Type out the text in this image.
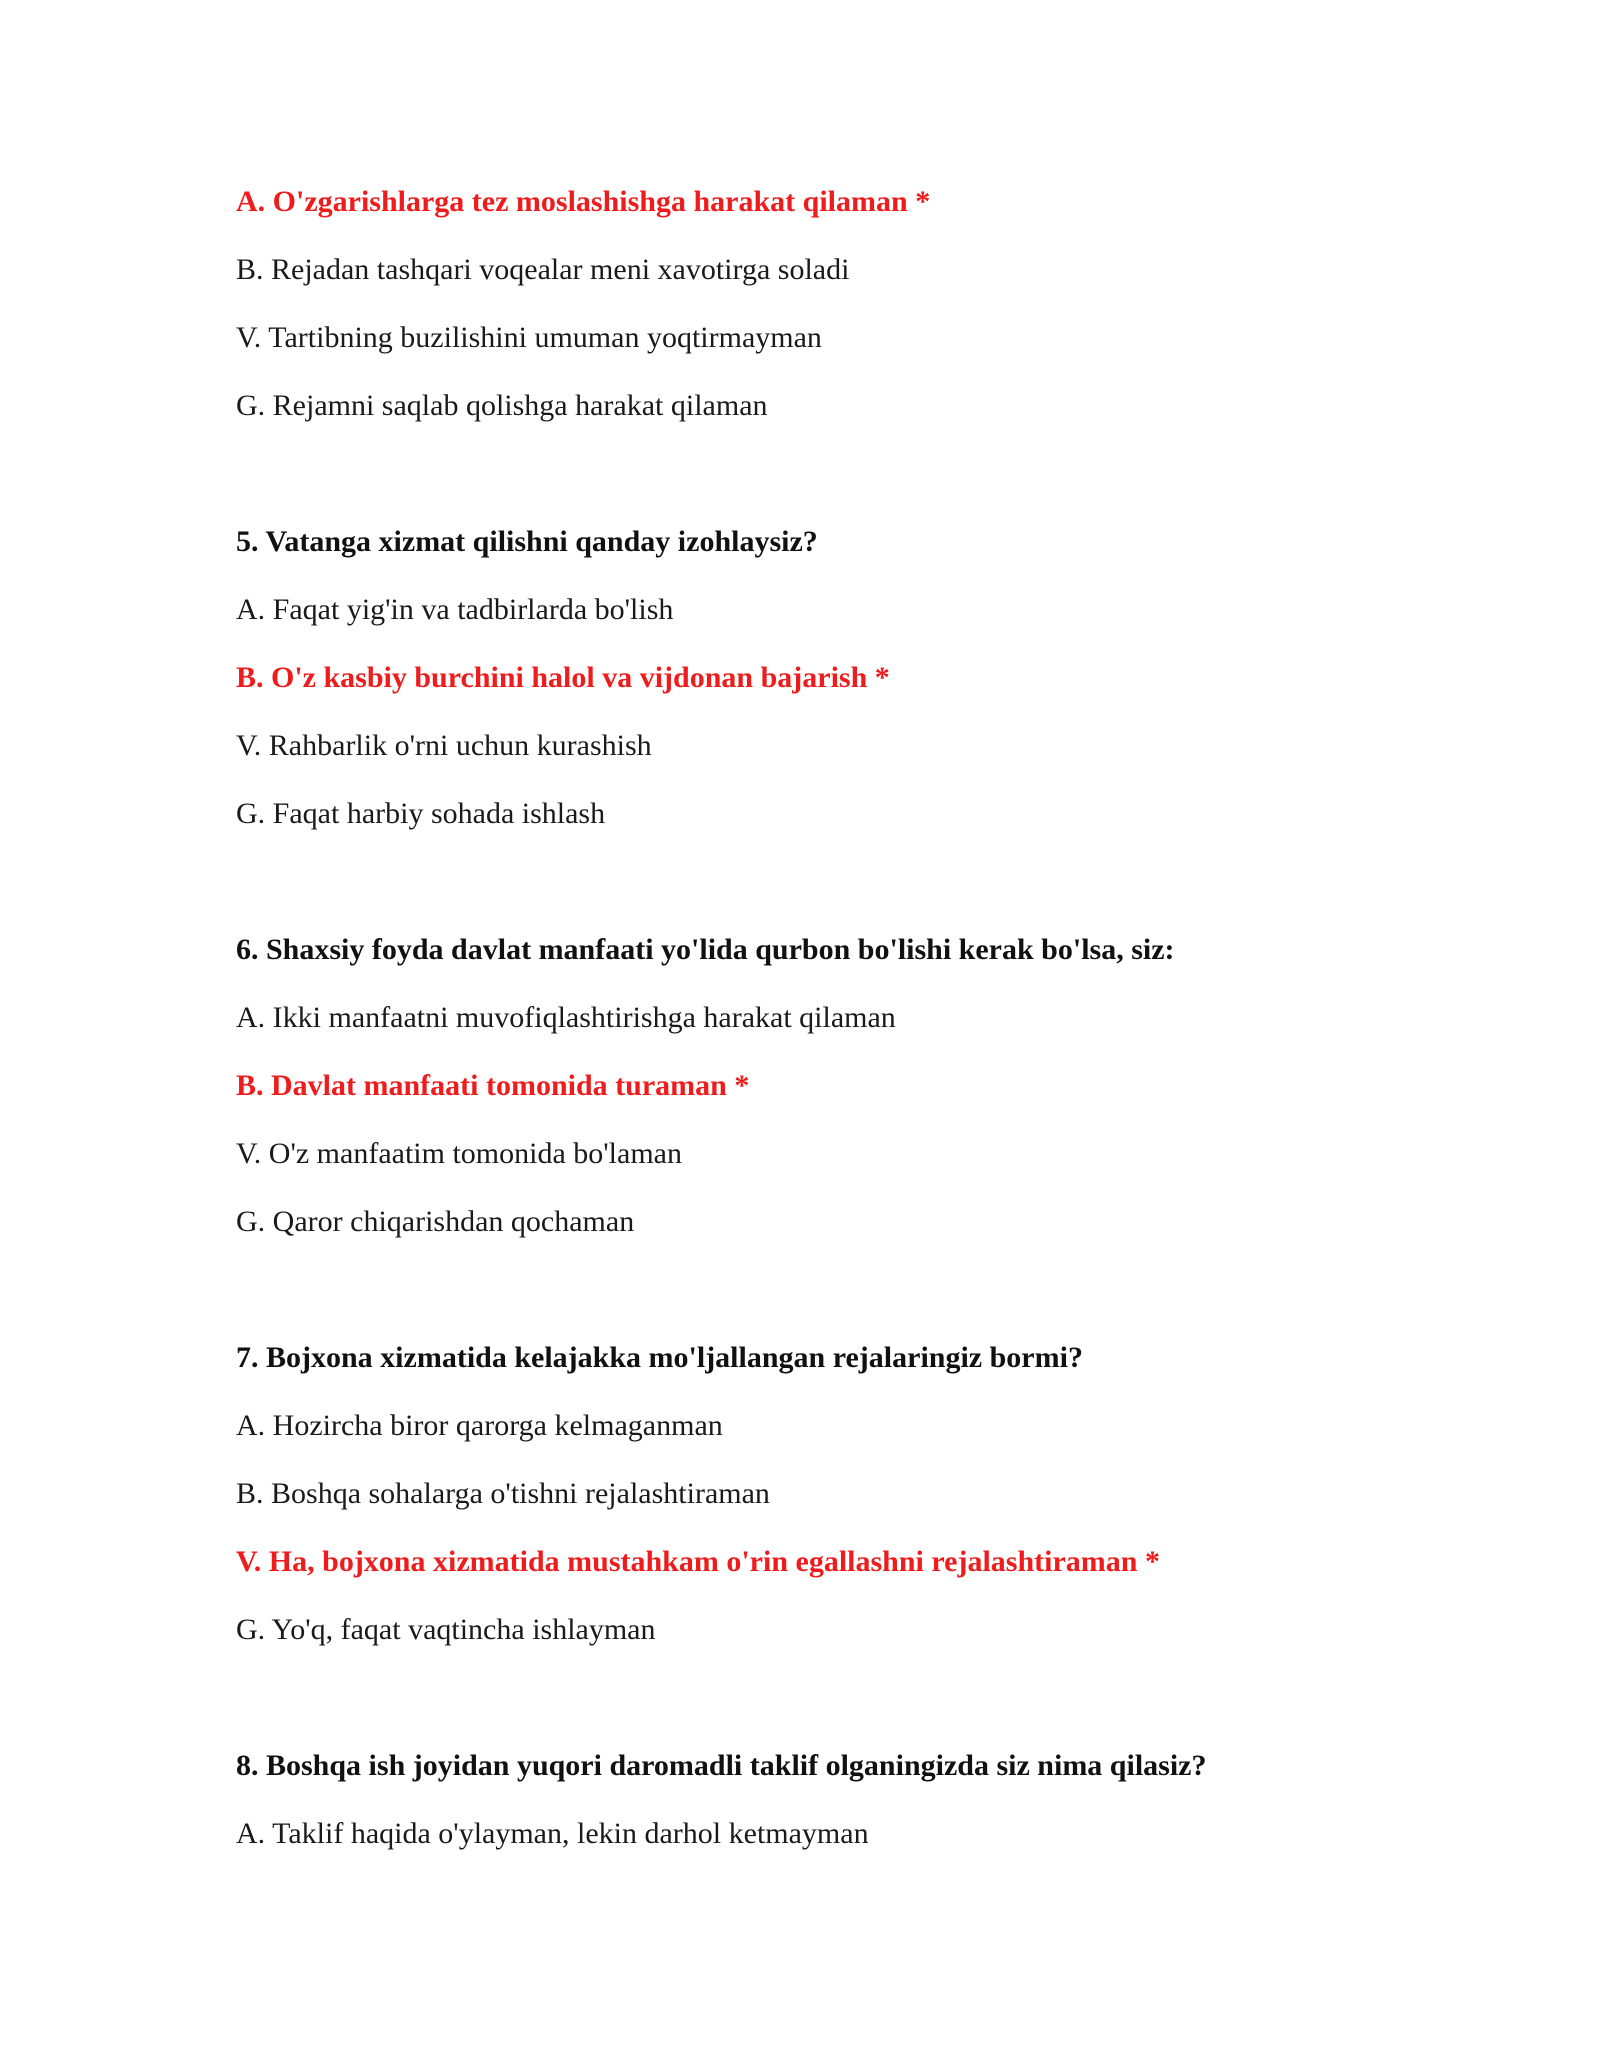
A. O'zgarishlarga tez moslashishga harakat qilaman *
B. Rejadan tashqari voqealar meni xavotirga soladi
V. Tartibning buzilishini umuman yoqtirmayman
G. Rejamni saqlab qolishga harakat qilaman
5. Vatanga xizmat qilishni qanday izohlaysiz?
A. Faqat yig'in va tadbirlarda bo'lish
B. O'z kasbiy burchini halol va vijdonan bajarish *
V. Rahbarlik o'rni uchun kurashish
G. Faqat harbiy sohada ishlash
6. Shaxsiy foyda davlat manfaati yo'lida qurbon bo'lishi kerak bo'lsa, siz:
A. Ikki manfaatni muvofiqlashtirishga harakat qilaman
B. Davlat manfaati tomonida turaman *
V. O'z manfaatim tomonida bo'laman
G. Qaror chiqarishdan qochaman
7. Bojxona xizmatida kelajakka mo'ljallangan rejalaringiz bormi?
A. Hozircha biror qarorga kelmaganman
B. Boshqa sohalarga o'tishni rejalashtiraman
V. Ha, bojxona xizmatida mustahkam o'rin egallashni rejalashtiraman *
G. Yo'q, faqat vaqtincha ishlayman
8. Boshqa ish joyidan yuqori daromadli taklif olganingizda siz nima qilasiz?
A. Taklif haqida o'ylayman, lekin darhol ketmayman
